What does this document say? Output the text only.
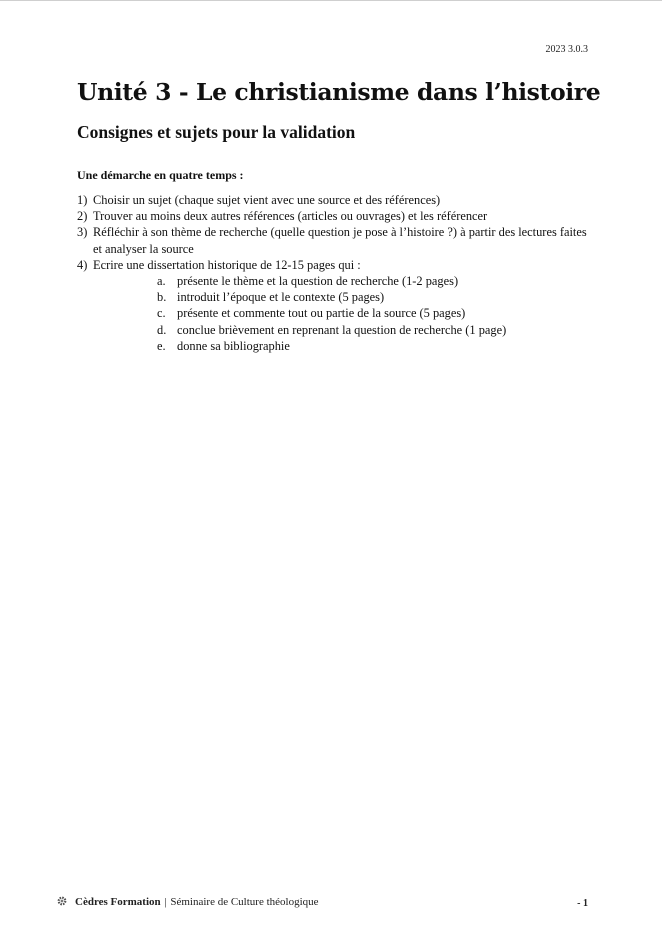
2023 3.0.3
Unité 3 - Le christianisme dans l’histoire
Consignes et sujets pour la validation
Une démarche en quatre temps :
1) Choisir un sujet (chaque sujet vient avec une source et des références)
2) Trouver au moins deux autres références (articles ou ouvrages) et les référencer
3) Réfléchir à son thème de recherche (quelle question je pose à l’histoire ?) à partir des lectures faites et analyser la source
4) Ecrire une dissertation historique de 12-15 pages qui :
a. présente le thème et la question de recherche (1-2 pages)
b. introduit l’époque et le contexte (5 pages)
c. présente et commente tout ou partie de la source (5 pages)
d. conclue brièvement en reprenant la question de recherche (1 page)
e. donne sa bibliographie
Cèdres Formation | Séminaire de Culture théologique	- 1
